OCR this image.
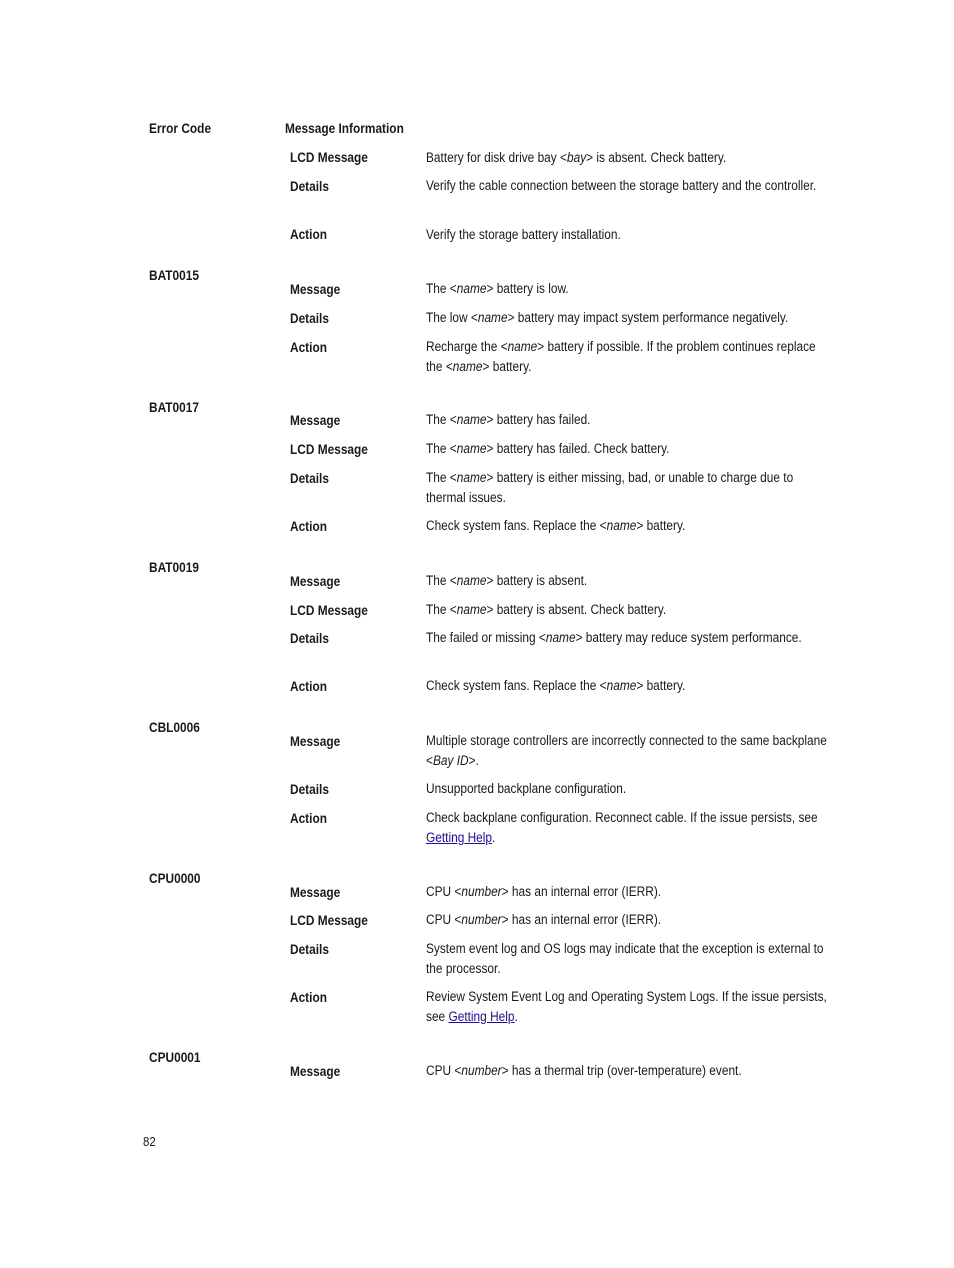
Error Code	Message Information
LCD Message	Battery for disk drive bay <bay> is absent. Check battery.
Details	Verify the cable connection between the storage battery and the controller.
Action	Verify the storage battery installation.
BAT0015
Message	The <name> battery is low.
Details	The low <name> battery may impact system performance negatively.
Action	Recharge the <name> battery if possible. If the problem continues replace the <name> battery.
BAT0017
Message	The <name> battery has failed.
LCD Message	The <name> battery has failed. Check battery.
Details	The <name> battery is either missing, bad, or unable to charge due to thermal issues.
Action	Check system fans. Replace the <name> battery.
BAT0019
Message	The <name> battery is absent.
LCD Message	The <name> battery is absent. Check battery.
Details	The failed or missing <name> battery may reduce system performance.
Action	Check system fans. Replace the <name> battery.
CBL0006
Message	Multiple storage controllers are incorrectly connected to the same backplane <Bay ID>.
Details	Unsupported backplane configuration.
Action	Check backplane configuration. Reconnect cable. If the issue persists, see Getting Help.
CPU0000
Message	CPU <number> has an internal error (IERR).
LCD Message	CPU <number> has an internal error (IERR).
Details	System event log and OS logs may indicate that the exception is external to the processor.
Action	Review System Event Log and Operating System Logs. If the issue persists, see Getting Help.
CPU0001
Message	CPU <number> has a thermal trip (over-temperature) event.
82
